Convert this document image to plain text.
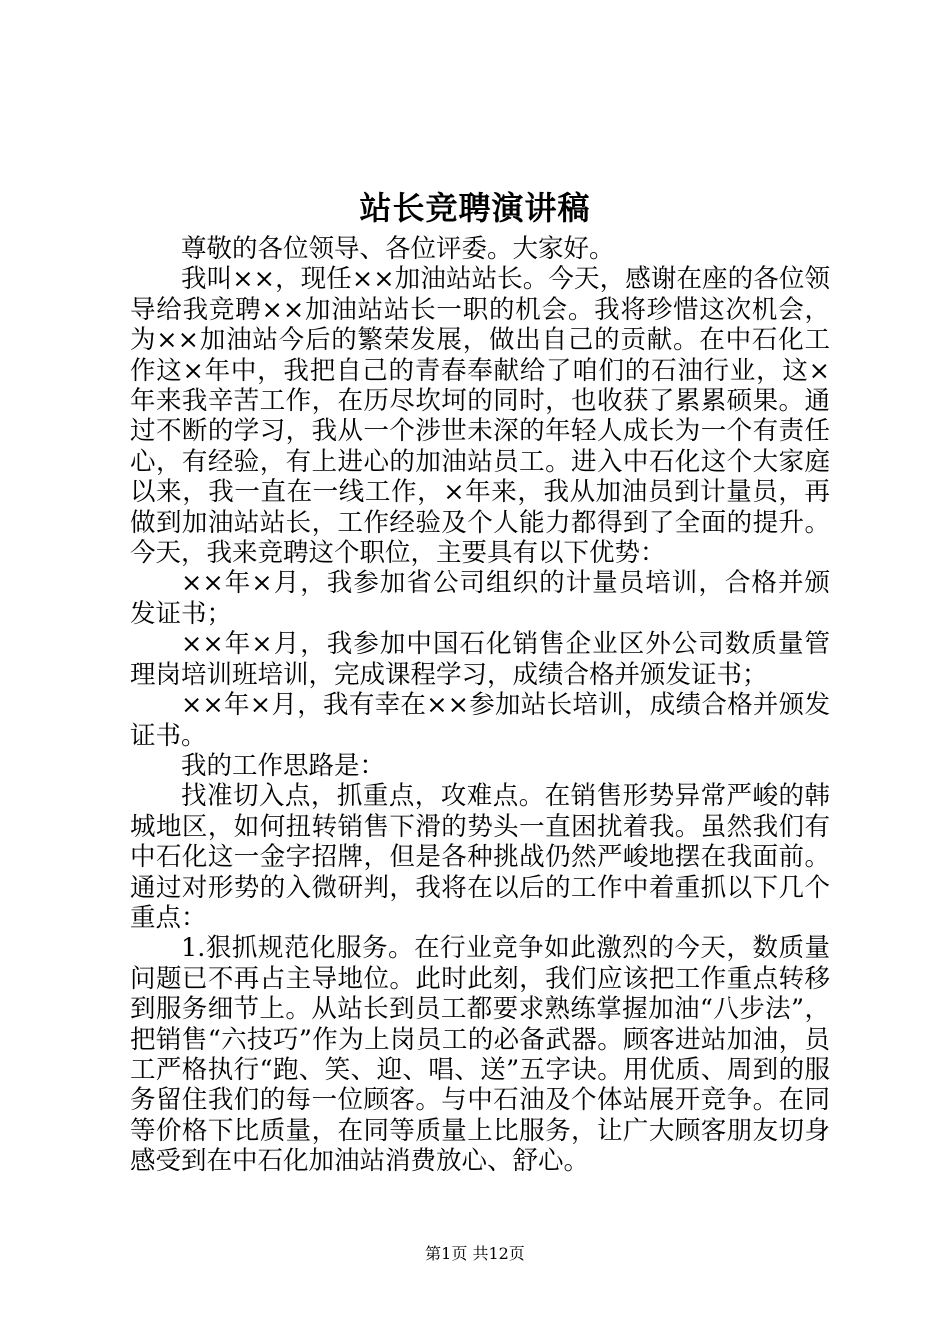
站长竞聘演讲稿

尊敬的各位领导、各位评委。大家好。

我叫××，现任××加油站站长。今天，感谢在座的各位领导给我竞聘××加油站站长一职的机会。我将珍惜这次机会，为××加油站今后的繁荣发展，做出自己的贡献。在中石化工作这×年中，我把自己的青春奉献给了咱们的石油行业，这×年来我辛苦工作，在历尽坎坷的同时，也收获了累累硕果。通过不断的学习，我从一个涉世未深的年轻人成长为一个有责任心，有经验，有上进心的加油站员工。进入中石化这个大家庭以来，我一直在一线工作，×年来，我从加油员到计量员，再做到加油站站长，工作经验及个人能力都得到了全面的提升。今天，我来竞聘这个职位，主要具有以下优势：

××年×月，我参加省公司组织的计量员培训，合格并颁发证书；

××年×月，我参加中国石化销售企业区外公司数质量管理岗培训班培训，完成课程学习，成绩合格并颁发证书；

××年×月，我有幸在××参加站长培训，成绩合格并颁发证书。

我的工作思路是：

找准切入点，抓重点，攻难点。在销售形势异常严峻的韩城地区，如何扭转销售下滑的势头一直困扰着我。虽然我们有中石化这一金字招牌，但是各种挑战仍然严峻地摆在我面前。通过对形势的入微研判，我将在以后的工作中着重抓以下几个重点：

1.狠抓规范化服务。在行业竞争如此激烈的今天，数质量问题已不再占主导地位。此时此刻，我们应该把工作重点转移到服务细节上。从站长到员工都要求熟练掌握加油“八步法”，把销售“六技巧”作为上岗员工的必备武器。顾客进站加油，员工严格执行“跑、笑、迎、唱、送”五字诀。用优质、周到的服务留住我们的每一位顾客。与中石油及个体站展开竞争。在同等价格下比质量，在同等质量上比服务，让广大顾客朋友切身感受到在中石化加油站消费放心、舒心。

第1页 共12页
